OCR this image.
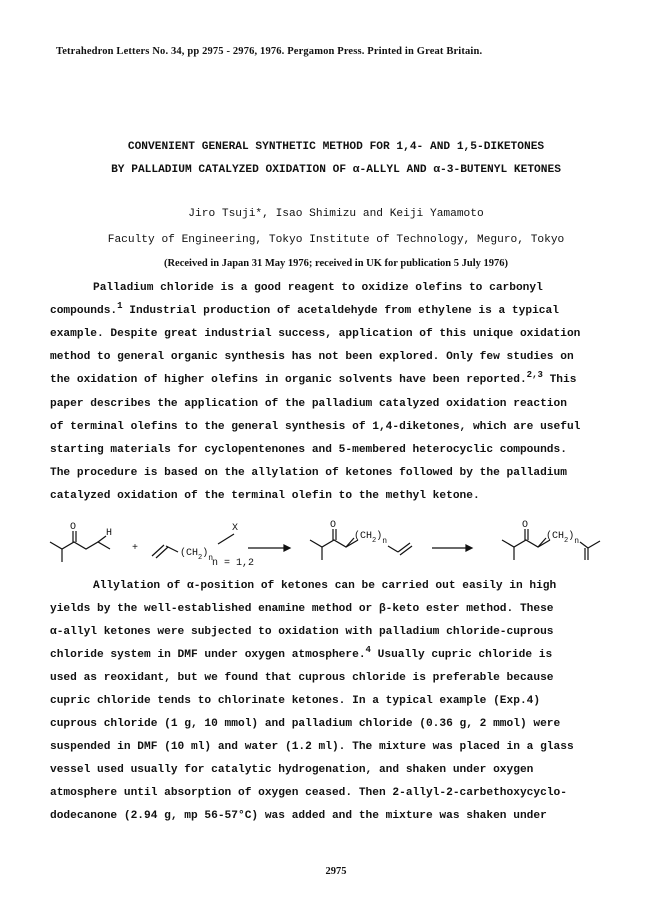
Tetrahedron Letters No. 34, pp 2975 - 2976, 1976. Pergamon Press. Printed in Great Britain.
CONVENIENT GENERAL SYNTHETIC METHOD FOR 1,4- AND 1,5-DIKETONES
BY PALLADIUM CATALYZED OXIDATION OF α-ALLYL AND α-3-BUTENYL KETONES
Jiro Tsuji*, Isao Shimizu and Keiji Yamamoto
Faculty of Engineering, Tokyo Institute of Technology, Meguro, Tokyo
(Received in Japan 31 May 1976; received in UK for publication 5 July 1976)
Palladium chloride is a good reagent to oxidize olefins to carbonyl
compounds.$^1$ Industrial production of acetaldehyde from ethylene is a typical
example. Despite great industrial success, application of this unique oxidation
method to general organic synthesis has not been explored. Only few studies on
the oxidation of higher olefins in organic solvents have been reported.$^{2,3}$ This
paper describes the application of the palladium catalyzed oxidation reaction
of terminal olefins to the general synthesis of 1,4-diketones, which are useful
starting materials for cyclopentenones and 5-membered heterocyclic compounds.
The procedure is based on the allylation of ketones followed by the palladium
catalyzed oxidation of the terminal olefin to the methyl ketone.
O
H
+	$(CH_2)_n$
X
n = 1,2
O
$(CH_2)_n$
O
$(CH_2)_n$
Allylation of α-position of ketones can be carried out easily in high
yields by the well-established enamine method or β-keto ester method. These
α-allyl ketones were subjected to oxidation with palladium chloride-cuprous
chloride system in DMF under oxygen atmosphere.$^4$ Usually cupric chloride is
used as reoxidant, but we found that cuprous chloride is preferable because
cupric chloride tends to chlorinate ketones. In a typical example (Exp.4)
cuprous chloride (1 g, 10 mmol) and palladium chloride (0.36 g, 2 mmol) were
suspended in DMF (10 ml) and water (1.2 ml). The mixture was placed in a glass
vessel used usually for catalytic hydrogenation, and shaken under oxygen
atmosphere until absorption of oxygen ceased. Then 2-allyl-2-carbethoxycyclo-
dodecanone (2.94 g, mp 56-57°C) was added and the mixture was shaken under
2975
